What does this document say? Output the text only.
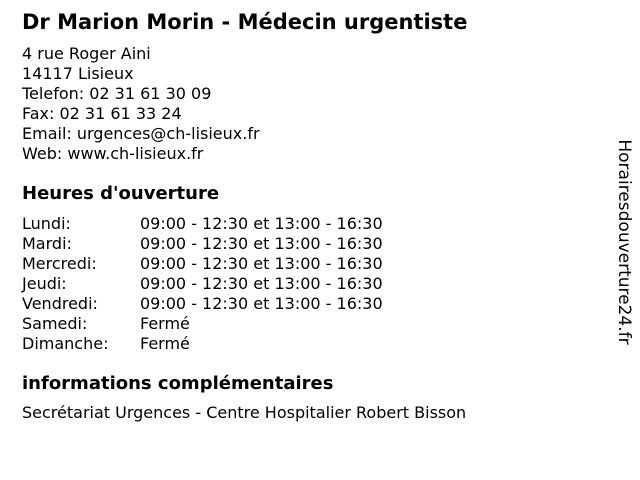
Dr Marion Morin - Médecin urgentiste
4 rue Roger Aini
14117 Lisieux
Telefon: 02 31 61 30 09
Fax: 02 31 61 33 24
Email: urgences@ch-lisieux.fr
Web: www.ch-lisieux.fr
Heures d'ouverture
Lundi:	09:00 - 12:30 et 13:00 - 16:30
Mardi:	09:00 - 12:30 et 13:00 - 16:30
Mercredi:	09:00 - 12:30 et 13:00 - 16:30
Jeudi:	09:00 - 12:30 et 13:00 - 16:30
Vendredi:	09:00 - 12:30 et 13:00 - 16:30
Samedi:	Fermé
Dimanche:	Fermé
informations complémentaires
Secrétariat Urgences - Centre Hospitalier Robert Bisson
Horairesdouverture24.fr
